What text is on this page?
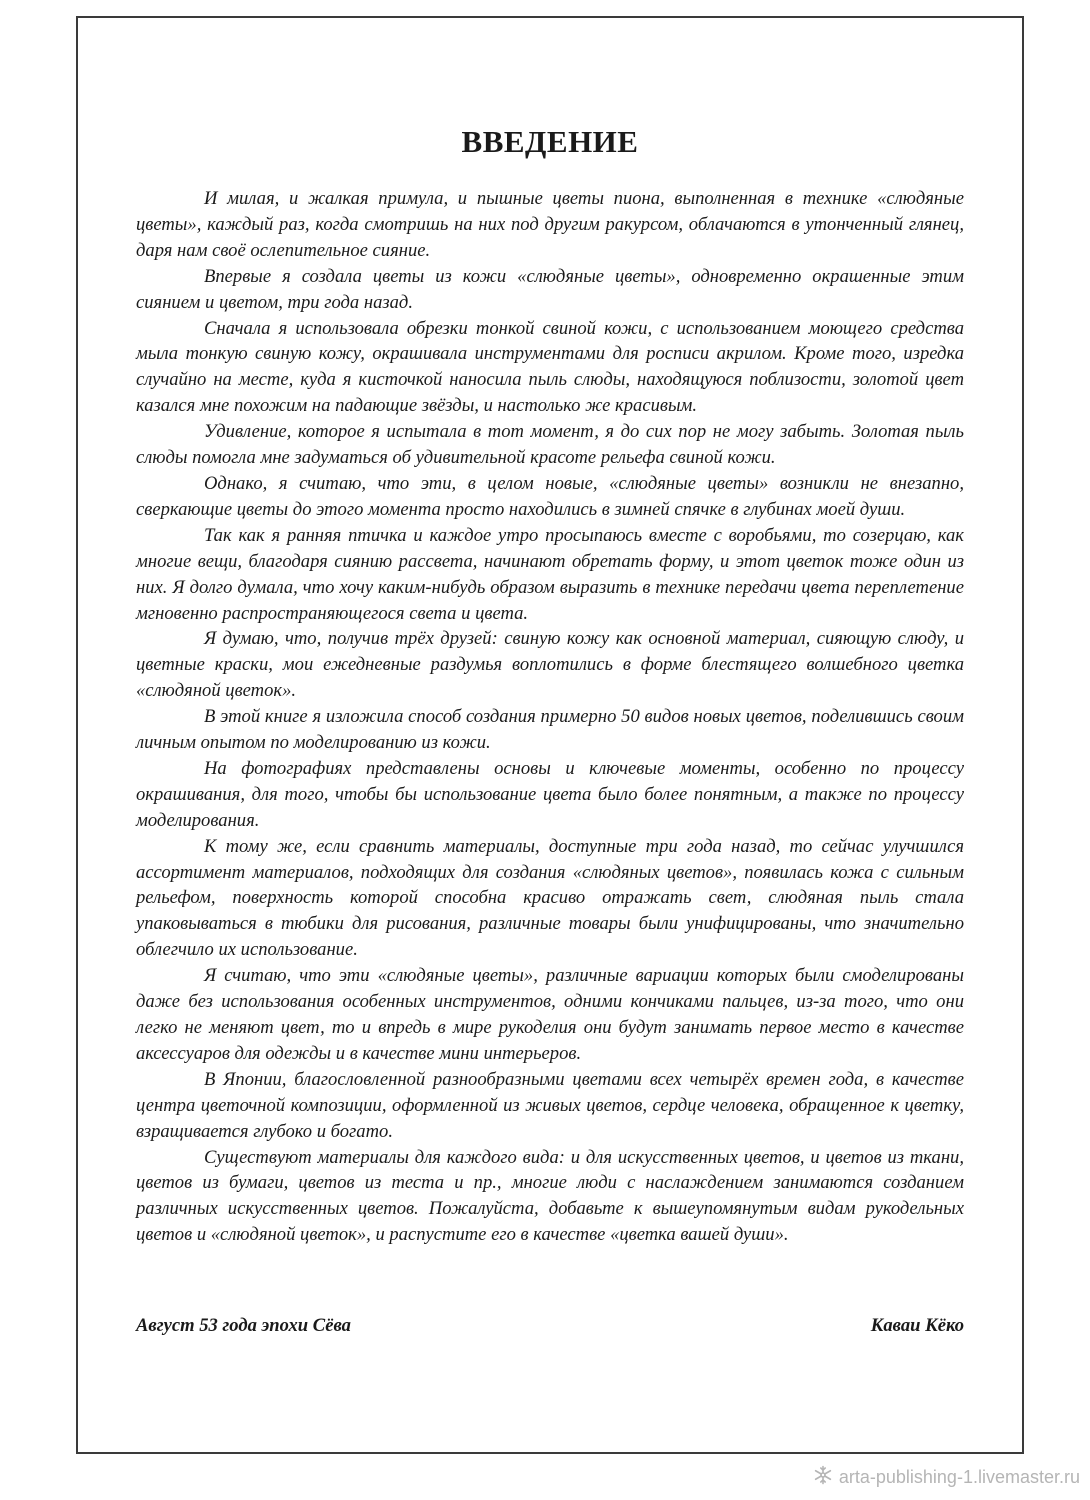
ВВЕДЕНИЕ

И милая, и жалкая примула, и пышные цветы пиона, выполненная в технике «слюдяные цветы», каждый раз, когда смотришь на них под другим ракурсом, облачаются в утонченный глянец, даря нам своё ослепительное сияние.

Впервые я создала цветы из кожи «слюдяные цветы», одновременно окрашенные этим сиянием и цветом, три года назад.

Сначала я использовала обрезки тонкой свиной кожи, с использованием моющего средства мыла тонкую свиную кожу, окрашивала инструментами для росписи акрилом. Кроме того, изредка случайно на месте, куда я кисточкой наносила пыль слюды, находящуюся поблизости, золотой цвет казался мне похожим на падающие звёзды, и настолько же красивым.

Удивление, которое я испытала в тот момент, я до сих пор не могу забыть. Золотая пыль слюды помогла мне задуматься об удивительной красоте рельефа свиной кожи.

Однако, я считаю, что эти, в целом новые, «слюдяные цветы» возникли не внезапно, сверкающие цветы до этого момента просто находились в зимней спячке в глубинах моей души.

Так как я ранняя птичка и каждое утро просыпаюсь вместе с воробьями, то созерцаю, как многие вещи, благодаря сиянию рассвета, начинают обретать форму, и этот цветок тоже один из них. Я долго думала, что хочу каким-нибудь образом выразить в технике передачи цвета переплетение мгновенно распространяющегося света и цвета.

Я думаю, что, получив трёх друзей: свиную кожу как основной материал, сияющую слюду, и цветные краски, мои ежедневные раздумья воплотились в форме блестящего волшебного цветка «слюдяной цветок».

В этой книге я изложила способ создания примерно 50 видов новых цветов, поделившись своим личным опытом по моделированию из кожи.

На фотографиях представлены основы и ключевые моменты, особенно по процессу окрашивания, для того, чтобы бы использование цвета было более понятным, а также по процессу моделирования.

К тому же, если сравнить материалы, доступные три года назад, то сейчас улучшился ассортимент материалов, подходящих для создания «слюдяных цветов», появилась кожа с сильным рельефом, поверхность которой способна красиво отражать свет, слюдяная пыль стала упаковываться в тюбики для рисования, различные товары были унифицированы, что значительно облегчило их использование.

Я считаю, что эти «слюдяные цветы», различные вариации которых были смоделированы даже без использования особенных инструментов, одними кончиками пальцев, из-за того, что они легко не меняют цвет, то и впредь в мире рукоделия они будут занимать первое место в качестве аксессуаров для одежды и в качестве мини интерьеров.

В Японии, благословленной разнообразными цветами всех четырёх времен года, в качестве центра цветочной композиции, оформленной из живых цветов, сердце человека, обращенное к цветку, взращивается глубоко и богато.

Существуют материалы для каждого вида: и для искусственных цветов, и цветов из ткани, цветов из бумаги, цветов из теста и пр., многие люди с наслаждением занимаются созданием различных искусственных цветов. Пожалуйста, добавьте к вышеупомянутым видам рукодельных цветов и «слюдяной цветок», и распустите его в качестве «цветка вашей души».

Август 53 года эпохи Сёва	Каваи Кёко
arta-publishing-1.livemaster.ru
